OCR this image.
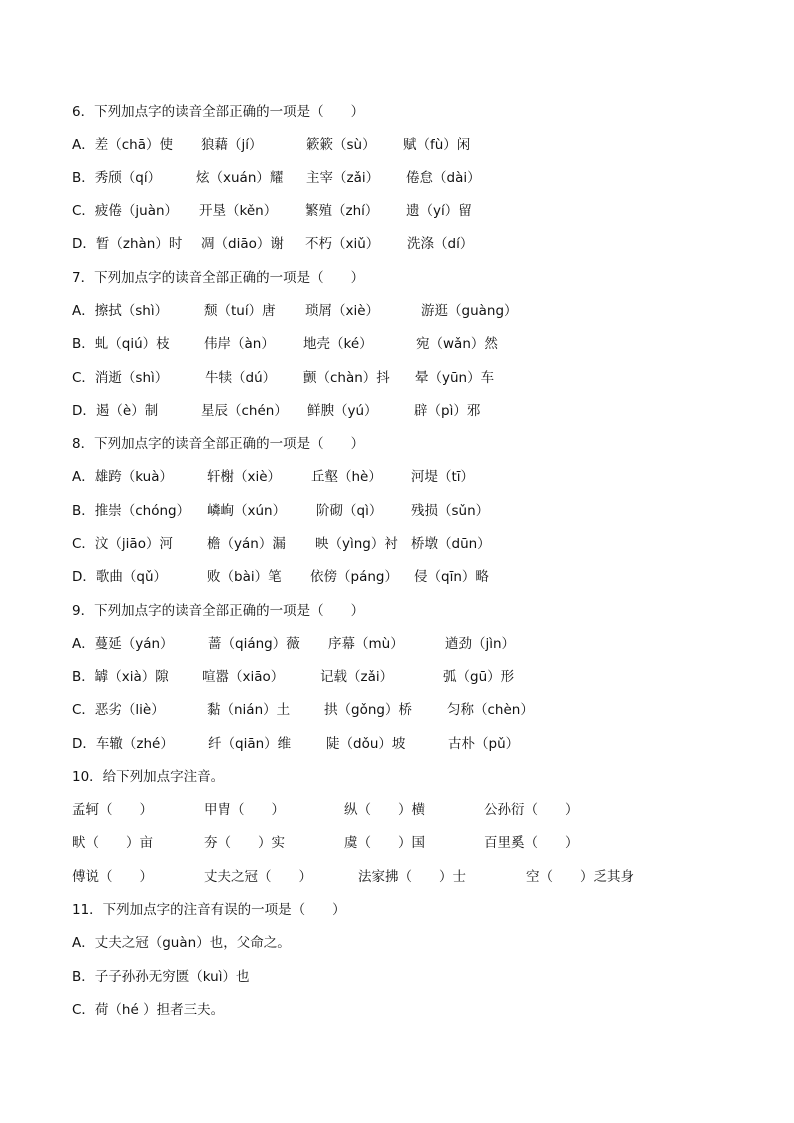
6．下列加点字的读音全部正确的一项是（　　）
A．差（chā）使 狼藉（jí）	簌簌（sù） 赋（fù）闲
B．秀颀（qí）	炫（xuán）耀 主宰（zǎi） 倦怠（dài）
C．疲倦（juàn） 开垦（kěn） 繁殖（zhí） 遗（yí）留
D．暂（zhàn）时 凋（diāo）谢 不朽（xiǔ） 洗涤（dí）
7．下列加点字的读音全部正确的一项是（　　）
A．擦拭（shì）	颓（tuí）唐 琐屑（xiè）	游逛（guàng）
B．虬（qiú）枝	伟岸（àn） 地壳（ké）	宛（wǎn）然
C．消逝（shì）	牛犊（dú） 颤（chàn）抖 晕（yūn）车
D．遏（è）制	星辰（chén） 鲜腴（yú）	辟（pì）邪
8．下列加点字的读音全部正确的一项是（　　）
A．雄跨（kuà）	轩榭（xiè） 丘壑（hè） 河堤（tī）
B．推崇（chóng） 嶙峋（xún） 阶砌（qì） 残损（sǔn）
C．汶（jiāo）河	檐（yán）漏 映（yìng）衬 桥墩（dūn）
D．歌曲（qǔ）	败（bài）笔 依傍（páng） 侵（qīn）略
9．下列加点字的读音全部正确的一项是（　　）
A．蔓延（yán）	蔷（qiáng）薇 序幕（mù）	遒劲（jìn）
B．罅（xià）隙 喧嚣（xiāo）	记载（zǎi）	弧（gū）形
C．恶劣（liè）	黏（nián）土	拱（gǒng）桥	匀称（chèn）
D．车辙（zhé）	纤（qiān）维	陡（dǒu）坡	古朴（pǔ）
10．给下列加点字注音。
孟轲（　　）	甲胄（　　）	纵（　　）横	公孙衍（　　）
畎（　　）亩	夯（　　）实	虞（　　）国	百里奚（　　）
傅说（　　）	丈夫之冠（　　）	法家拂（　　）士	空（　　）乏其身
11．下列加点字的注音有误的一项是（　　）
A．丈夫之冠（guàn）也，父命之。
B．子子孙孙无穷匮（kuì）也
C．荷（hé ）担者三夫。
